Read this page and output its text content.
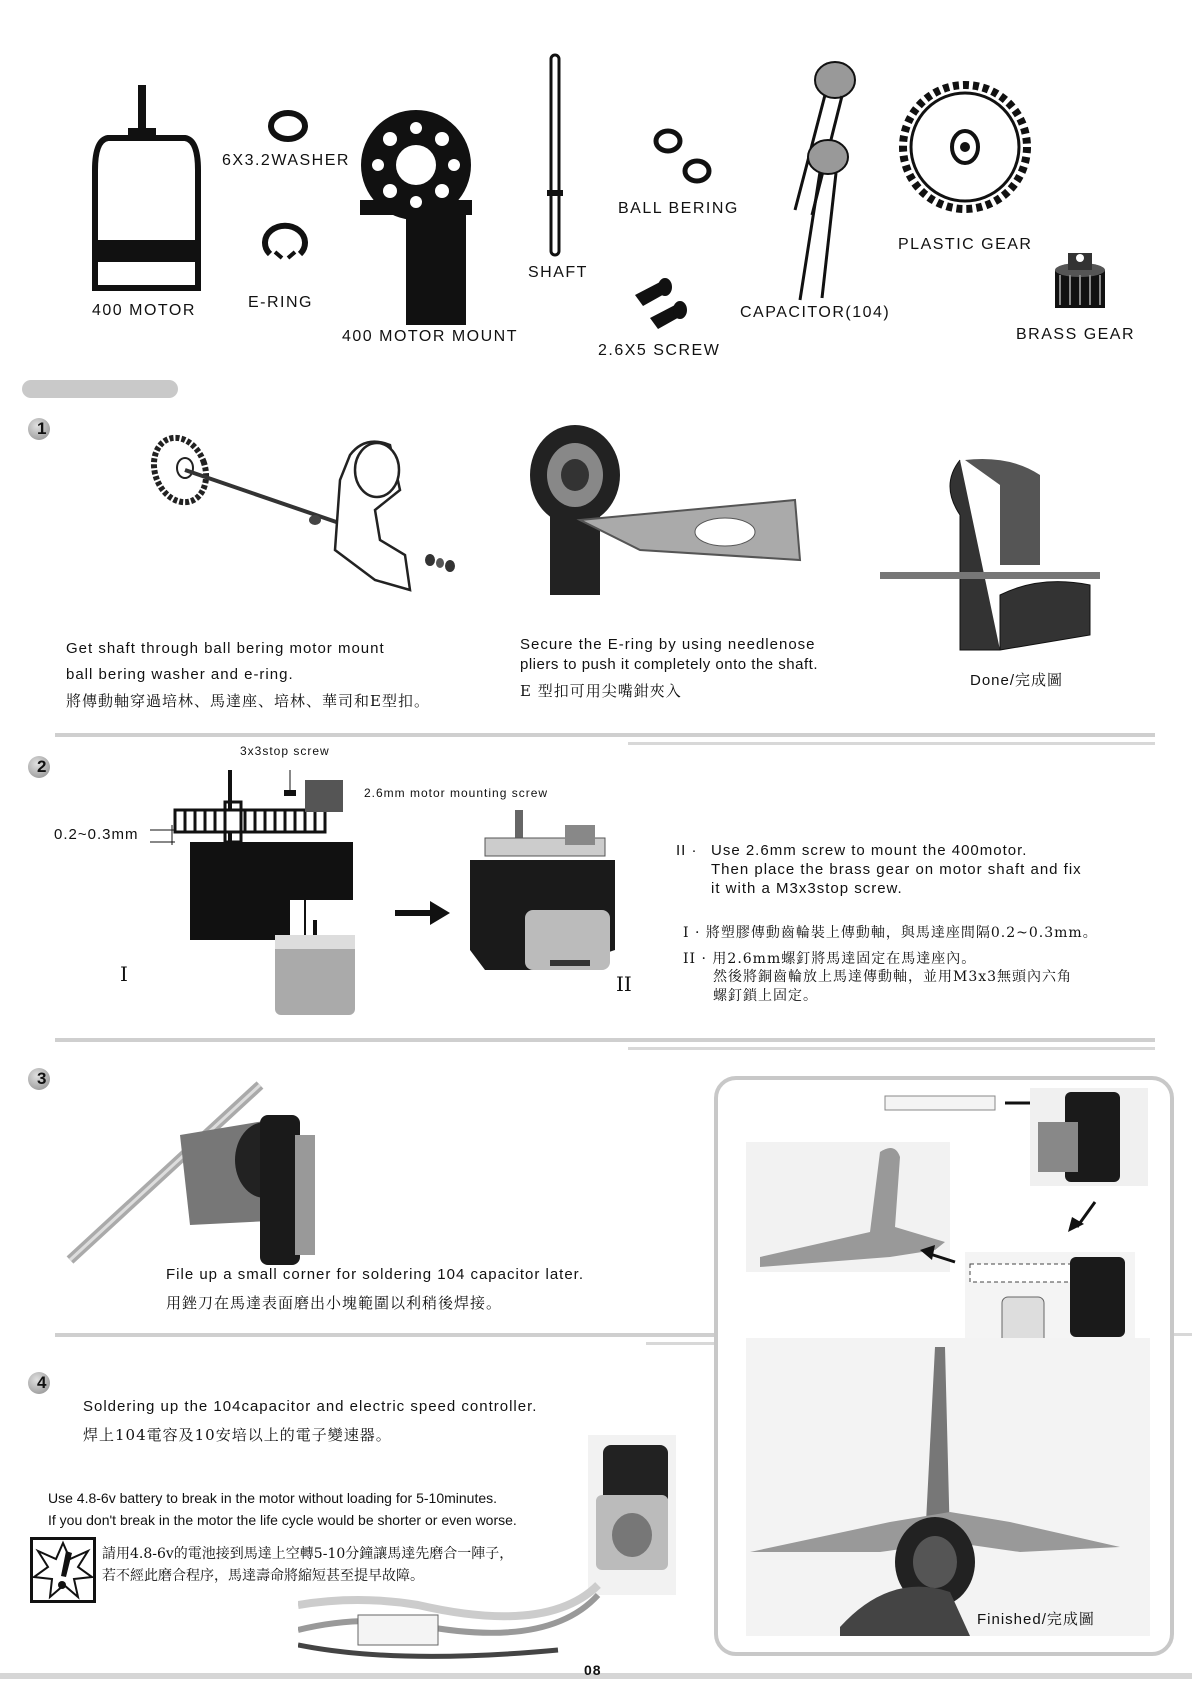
400 MOTOR
6X3.2WASHER
E-RING
400 MOTOR MOUNT
SHAFT
BALL BERING
2.6X5 SCREW
CAPACITOR(104)
PLASTIC GEAR
BRASS GEAR
1
Get shaft through ball bering motor mount
ball bering washer and e-ring.
將傳動軸穿過培林、馬達座、培林、華司和E型扣。
Secure the E-ring by using needlenose
pliers to push it completely onto the shaft.
E 型扣可用尖嘴鉗夾入
Done/完成圖
2
3x3stop screw
2.6mm motor mounting screw
0.2~0.3mm
I	II
II · Use 2.6mm screw to mount the 400motor.
Then place the brass gear on motor shaft and fix
it with a M3x3stop screw.
I · 將塑膠傳動齒輪裝上傳動軸，與馬達座間隔0.2~0.3mm。
II · 用2.6mm螺釘將馬達固定在馬達座內。
然後將銅齒輪放上馬達傳動軸，並用M3x3無頭內六角
螺釘鎖上固定。
3
File up a small corner for soldering 104 capacitor later.
用銼刀在馬達表面磨出小塊範圍以利稍後焊接。
Finished/完成圖
4
Soldering up the 104capacitor and electric speed controller.
焊上104電容及10安培以上的電子變速器。
Use 4.8-6v battery to break in the motor without loading for 5-10minutes.
If you don't break in the motor the life cycle would be shorter or even worse.
請用4.8-6v的電池接到馬達上空轉5-10分鐘讓馬達先磨合一陣子，
若不經此磨合程序，馬達壽命將縮短甚至提早故障。
08
